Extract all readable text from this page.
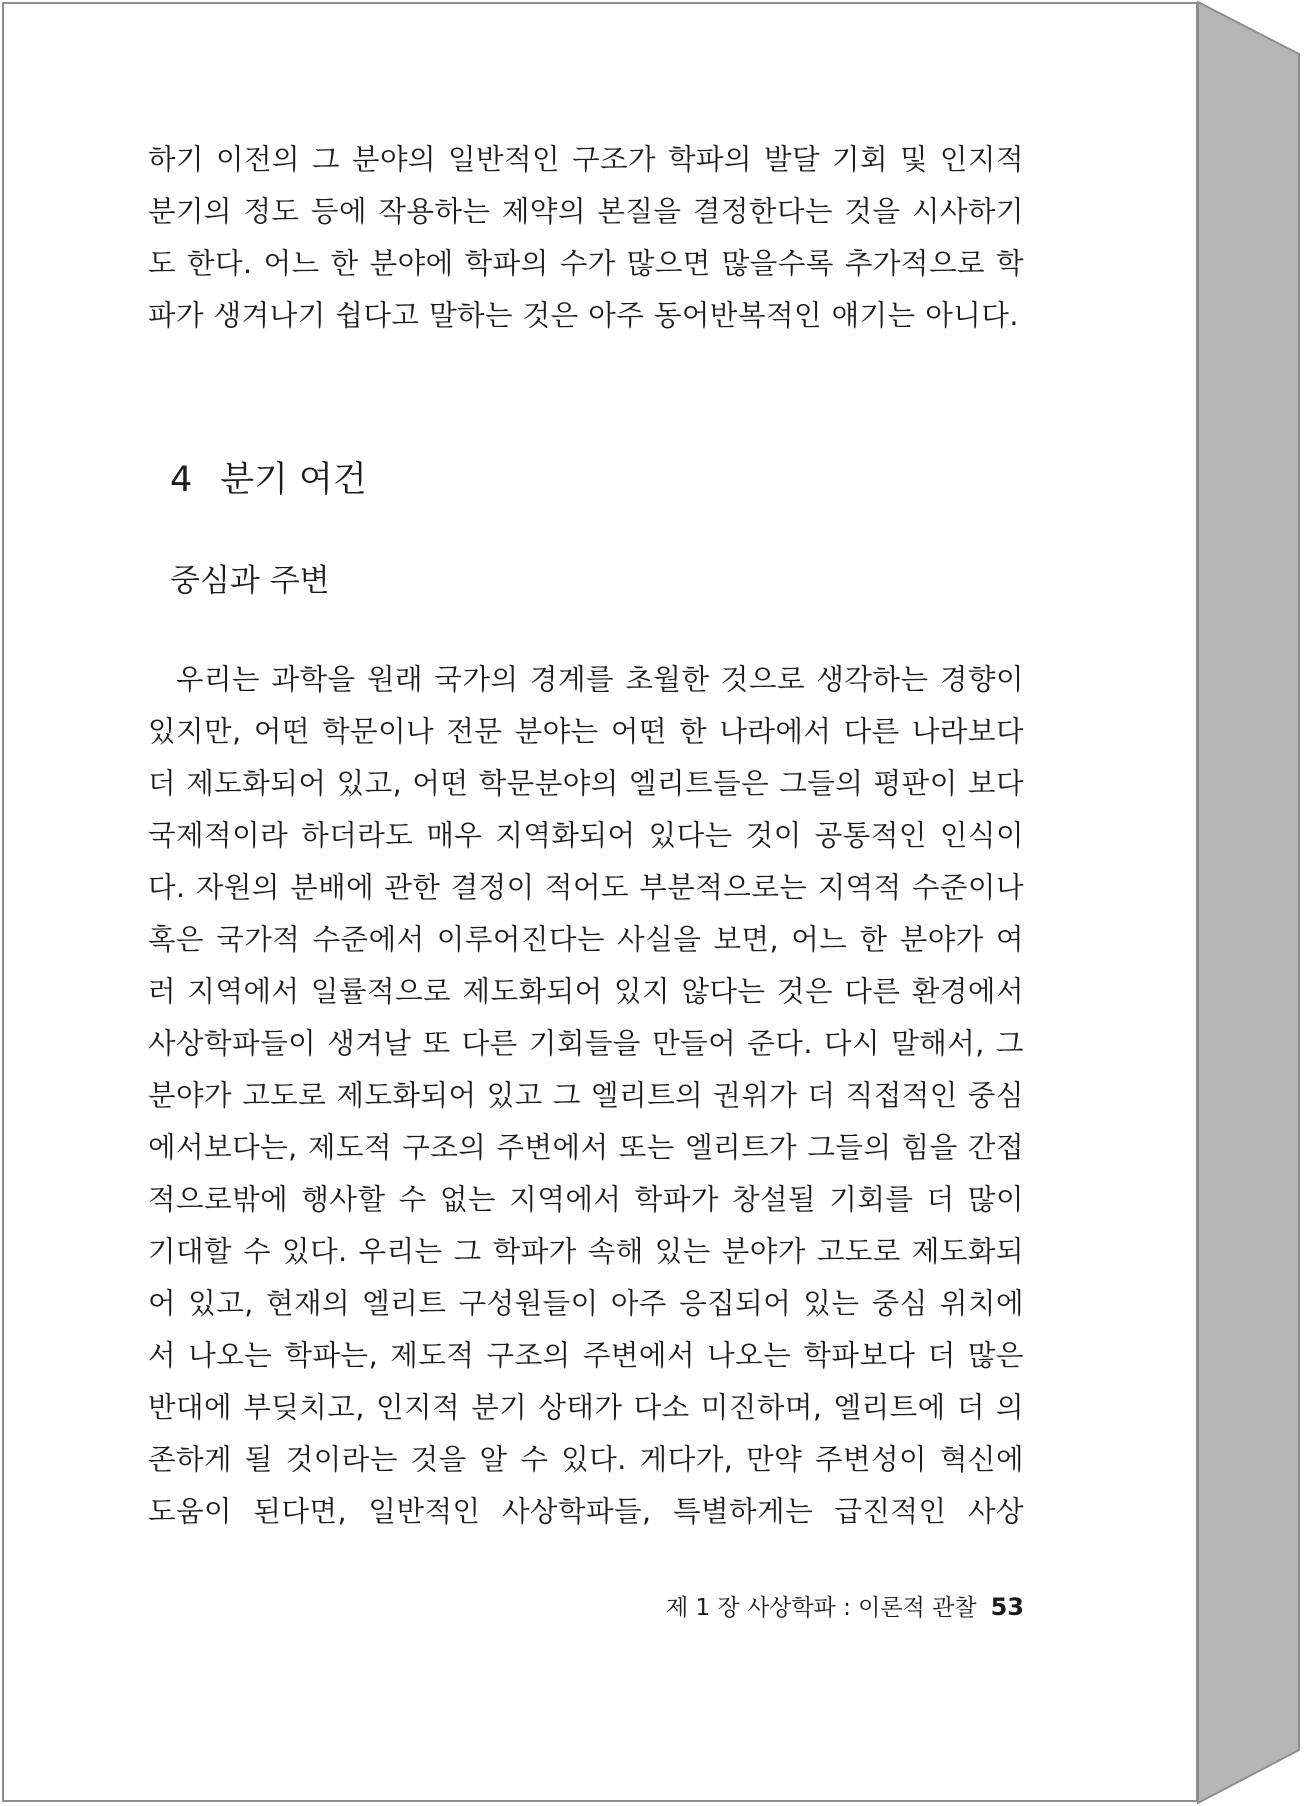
하기 이전의 그 분야의 일반적인 구조가 학파의 발달 기회 및 인지적 분기의 정도 등에 작용하는 제약의 본질을 결정한다는 것을 시사하기도 한다. 어느 한 분야에 학파의 수가 많으면 많을수록 추가적으로 학파가 생겨나기 쉽다고 말하는 것은 아주 동어반복적인 얘기는 아니다.

4 분기 여건
중심과 주변

우리는 과학을 원래 국가의 경계를 초월한 것으로 생각하는 경향이 있지만, 어떤 학문이나 전문 분야는 어떤 한 나라에서 다른 나라보다 더 제도화되어 있고, 어떤 학문분야의 엘리트들은 그들의 평판이 보다 국제적이라 하더라도 매우 지역화되어 있다는 것이 공통적인 인식이다. 자원의 분배에 관한 결정이 적어도 부분적으로는 지역적 수준이나 혹은 국가적 수준에서 이루어진다는 사실을 보면, 어느 한 분야가 여러 지역에서 일률적으로 제도화되어 있지 않다는 것은 다른 환경에서 사상학파들이 생겨날 또 다른 기회들을 만들어 준다. 다시 말해서, 그 분야가 고도로 제도화되어 있고 그 엘리트의 권위가 더 직접적인 중심에서보다는, 제도적 구조의 주변에서 또는 엘리트가 그들의 힘을 간접적으로밖에 행사할 수 없는 지역에서 학파가 창설될 기회를 더 많이 기대할 수 있다. 우리는 그 학파가 속해 있는 분야가 고도로 제도화되어 있고, 현재의 엘리트 구성원들이 아주 응집되어 있는 중심 위치에서 나오는 학파는, 제도적 구조의 주변에서 나오는 학파보다 더 많은 반대에 부딪치고, 인지적 분기 상태가 다소 미진하며, 엘리트에 더 의존하게 될 것이라는 것을 알 수 있다. 게다가, 만약 주변성이 혁신에 도움이 된다면, 일반적인 사상학파들, 특별하게는 급진적인 사상

제 1 장 사상학파 : 이론적 관찰 53
